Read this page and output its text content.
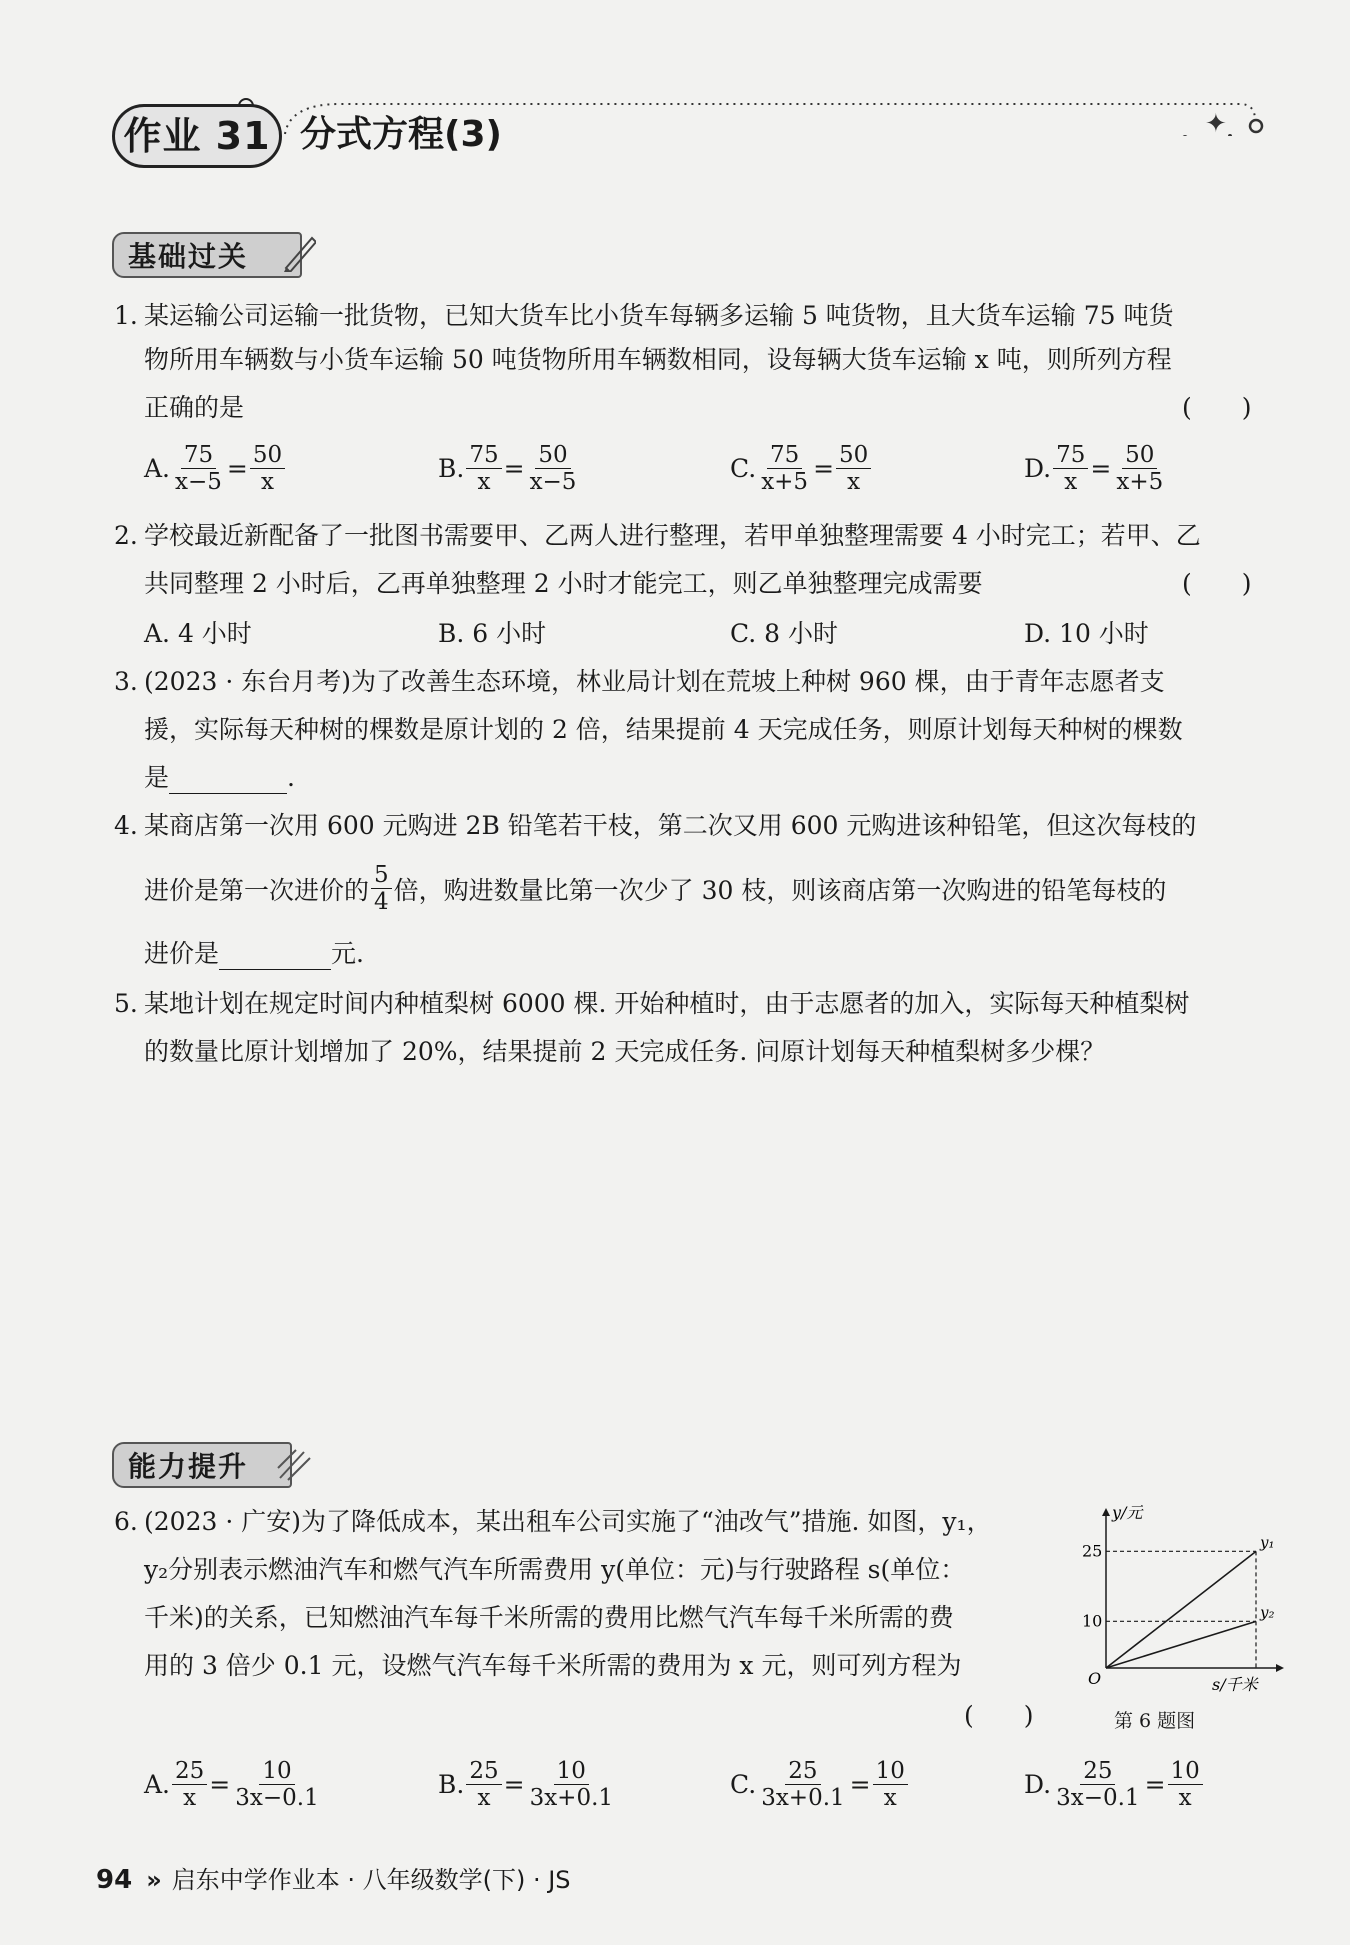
✦
作业 31 分式方程(3)
基础过关
1. 某运输公司运输一批货物，已知大货车比小货车每辆多运输 5 吨货物，且大货车运输 75 吨货
物所用车辆数与小货车运输 50 吨货物所用车辆数相同，设每辆大货车运输 x 吨，则所列方程
正确的是	(　　)
A. $\frac{75}{x-5} = \frac{50}{x}$	B. $\frac{75}{x} = \frac{50}{x-5}$	C. $\frac{75}{x+5} = \frac{50}{x}$	D. $\frac{75}{x} = \frac{50}{x+5}$
2. 学校最近新配备了一批图书需要甲、乙两人进行整理，若甲单独整理需要 4 小时完工；若甲、乙
共同整理 2 小时后，乙再单独整理 2 小时才能完工，则乙单独整理完成需要	(　　)
A. 4 小时	B. 6 小时	C. 8 小时	D. 10 小时
3. (2023 · 东台月考)为了改善生态环境，林业局计划在荒坡上种树 960 棵，由于青年志愿者支
援，实际每天种树的棵数是原计划的 2 倍，结果提前 4 天完成任务，则原计划每天种树的棵数
是	.
4. 某商店第一次用 600 元购进 2B 铅笔若干枝，第二次又用 600 元购进该种铅笔，但这次每枝的
进价是第一次进价的 $\frac{5}{4}$ 倍，购进数量比第一次少了 30 枝，则该商店第一次购进的铅笔每枝的
进价是	元.
5. 某地计划在规定时间内种植梨树 6000 棵. 开始种植时，由于志愿者的加入，实际每天种植梨树
的数量比原计划增加了 20%，结果提前 2 天完成任务. 问原计划每天种植梨树多少棵？
能力提升
6. (2023 · 广安)为了降低成本，某出租车公司实施了“油改气”措施. 如图，y₁，
y₂分别表示燃油汽车和燃气汽车所需费用 y(单位：元)与行驶路程 s(单位：
千米)的关系，已知燃油汽车每千米所需的费用比燃气汽车每千米所需的费
用的 3 倍少 0.1 元，设燃气汽车每千米所需的费用为 x 元，则可列方程为
(　　)
y₁
25
y₂
10
y/元
s/千米
O
第 6 题图
A. $\frac{25}{x} = \frac{10}{3x-0.1}$	B. $\frac{25}{x} = \frac{10}{3x+0.1}$	C. $\frac{25}{3x+0.1} = \frac{10}{x}$	D. $\frac{25}{3x-0.1} = \frac{10}{x}$
94 » 启东中学作业本 · 八年级数学(下) · JS
